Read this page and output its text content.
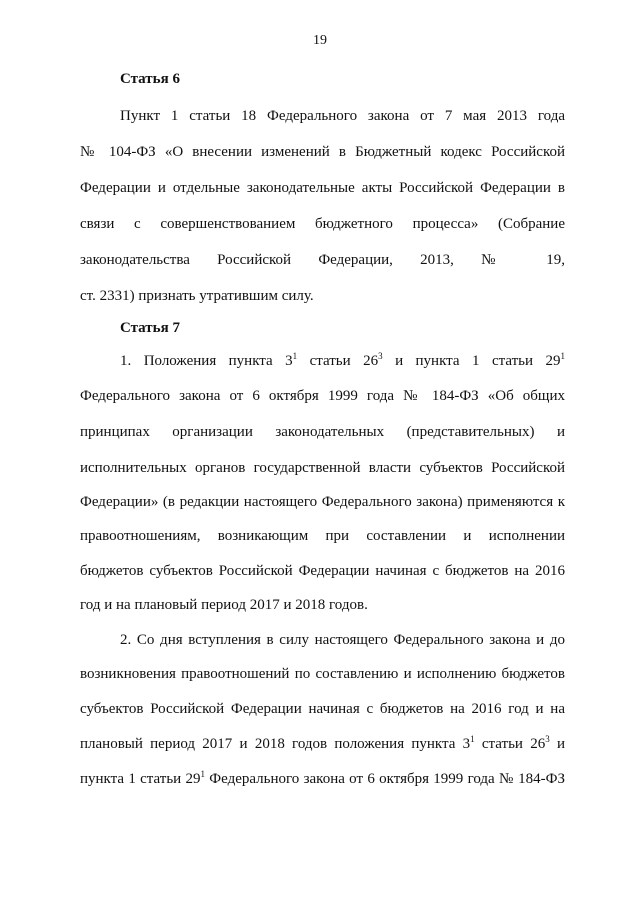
19
Статья 6
Пункт 1 статьи 18 Федерального закона от 7 мая 2013 года
№ 104-ФЗ «О внесении изменений в Бюджетный кодекс Российской
Федерации и отдельные законодательные акты Российской Федерации в
связи с совершенствованием бюджетного процесса» (Собрание
законодательства Российской Федерации, 2013, № 19,
ст. 2331) признать утратившим силу.
Статья 7
1. Положения пункта $3^1$ статьи $26^3$ и пункта 1 статьи $29^1$
Федерального закона от 6 октября 1999 года № 184-ФЗ «Об общих
принципах организации законодательных (представительных) и
исполнительных органов государственной власти субъектов Российской
Федерации» (в редакции настоящего Федерального закона) применяются к
правоотношениям, возникающим при составлении и исполнении
бюджетов субъектов Российской Федерации начиная с бюджетов на 2016
год и на плановый период 2017 и 2018 годов.
2. Со дня вступления в силу настоящего Федерального закона и до
возникновения правоотношений по составлению и исполнению бюджетов
субъектов Российской Федерации начиная с бюджетов на 2016 год и на
плановый период 2017 и 2018 годов положения пункта $3^1$ статьи $26^3$ и
пункта 1 статьи $29^1$ Федерального закона от 6 октября 1999 года № 184-ФЗ
